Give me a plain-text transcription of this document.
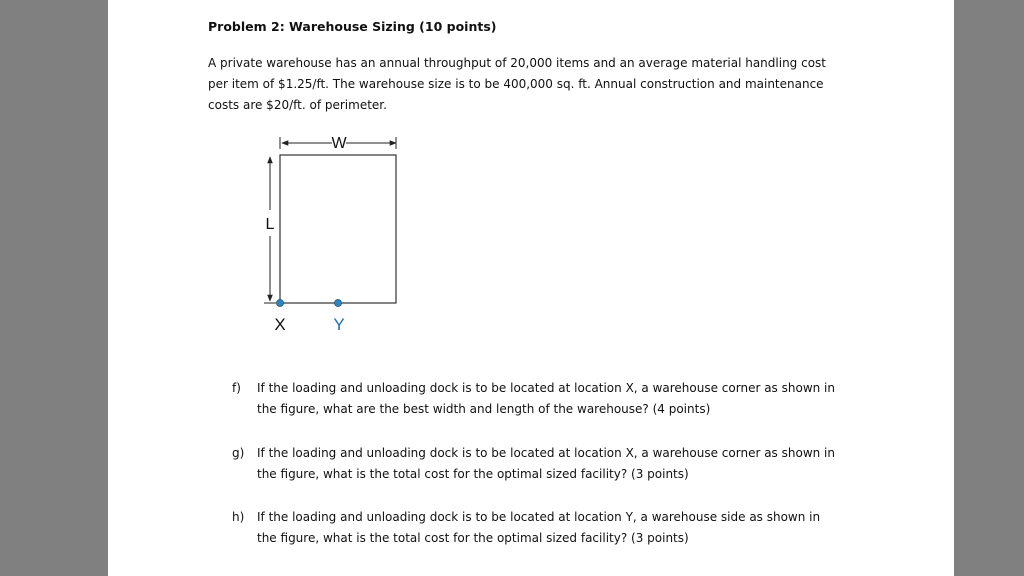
Problem 2: Warehouse Sizing (10 points)

A private warehouse has an annual throughput of 20,000 items and an average material handling cost

per item of $1.25/ft. The warehouse size is to be 400,000 sq. ft. Annual construction and maintenance

costs are $20/ft. of perimeter.

W
L
X	Y
f) If the loading and unloading dock is to be located at location X, a warehouse corner as shown in

the figure, what are the best width and length of the warehouse? (4 points)

g) If the loading and unloading dock is to be located at location X, a warehouse corner as shown in

the figure, what is the total cost for the optimal sized facility? (3 points)

h) If the loading and unloading dock is to be located at location Y, a warehouse side as shown in

the figure, what is the total cost for the optimal sized facility? (3 points)
